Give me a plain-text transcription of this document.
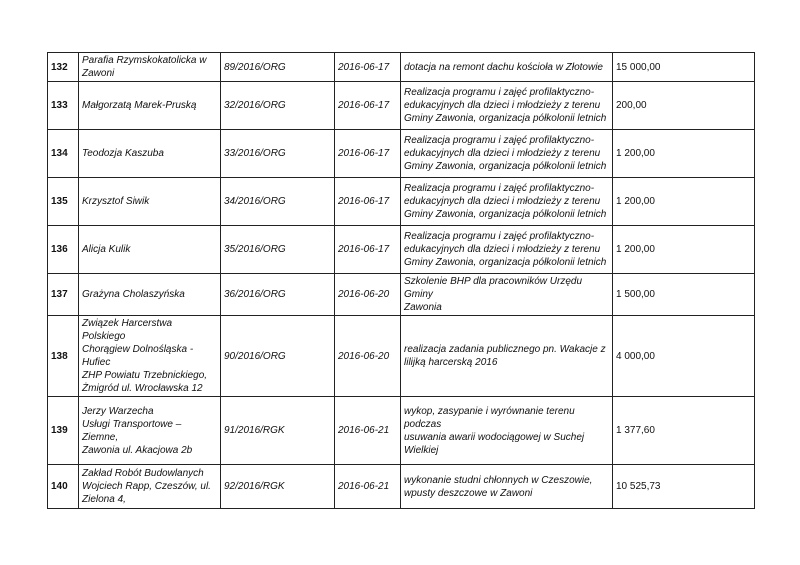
132	Parafia Rzymskokatolicka w
Zawoni	89/2016/ORG	2016-06-17	dotacja na remont dachu kościoła w Złotowie	15 000,00
133	Małgorzatą Marek-Pruską	32/2016/ORG	2016-06-17	Realizacja programu i zajęć profilaktyczno-
edukacyjnych dla dzieci i młodzieży z terenu
Gminy Zawonia, organizacja półkolonii letnich	200,00
134	Teodozja Kaszuba	33/2016/ORG	2016-06-17	Realizacja programu i zajęć profilaktyczno-
edukacyjnych dla dzieci i młodzieży z terenu
Gminy Zawonia, organizacja półkolonii letnich	1 200,00
135	Krzysztof Siwik	34/2016/ORG	2016-06-17	Realizacja programu i zajęć profilaktyczno-
edukacyjnych dla dzieci i młodzieży z terenu
Gminy Zawonia, organizacja półkolonii letnich	1 200,00
136	Alicja Kulik	35/2016/ORG	2016-06-17	Realizacja programu i zajęć profilaktyczno-
edukacyjnych dla dzieci i młodzieży z terenu
Gminy Zawonia, organizacja półkolonii letnich	1 200,00
137	Grażyna Cholaszyńska	36/2016/ORG	2016-06-20	Szkolenie BHP dla pracowników Urzędu Gminy
Zawonia	1 500,00
138	Związek Harcerstwa Polskiego
Chorągiew Dolnośląska - Hufiec
ZHP Powiatu Trzebnickiego,
Żmigród ul. Wrocławska 12	90/2016/ORG	2016-06-20	realizacja zadania publicznego pn. Wakacje z
lilijką harcerską 2016	4 000,00
139	Jerzy Warzecha
Usługi Transportowe – Ziemne,
Zawonia ul. Akacjowa 2b	91/2016/RGK	2016-06-21	wykop, zasypanie i wyrównanie terenu podczas
usuwania awarii wodociągowej w Suchej
Wielkiej	1 377,60
140	Zakład Robót Budowlanych
Wojciech Rapp, Czeszów, ul.
Zielona 4,	92/2016/RGK	2016-06-21	wykonanie studni chłonnych w Czeszowie,
wpusty deszczowe w Zawoni	10 525,73
